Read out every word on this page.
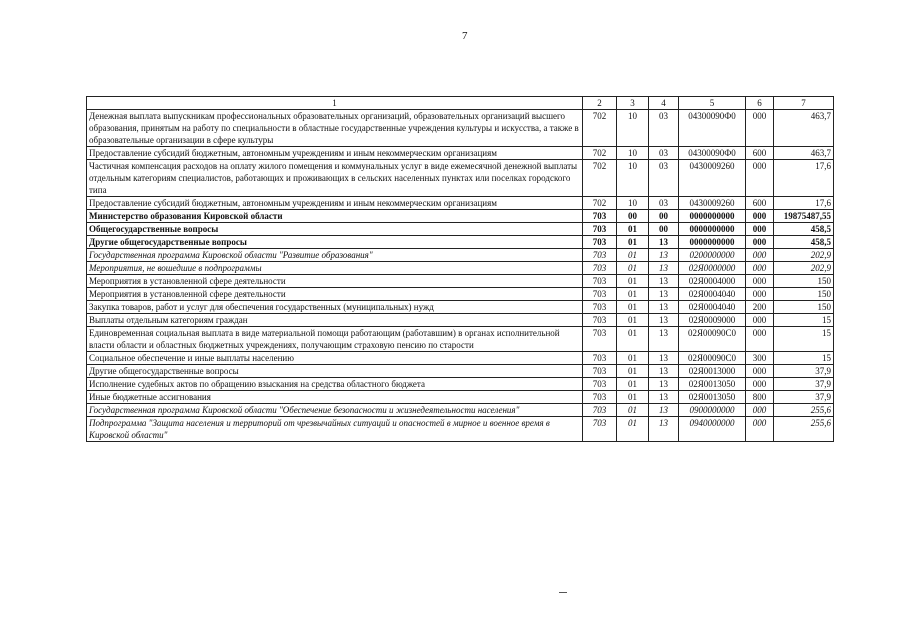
7
1	2	3	4	5	6	7
Денежная выплата выпускникам профессиональных образовательных организаций, образовательных организаций высшего образования, принятым на работу по специальности в областные государственные учреждения культуры и искусства, а также в образовательные организации в сфере культуры	702	10	03	04300090Ф0	000	463,7
Предоставление субсидий бюджетным, автономным учреждениям и иным некоммерческим организациям	702	10	03	04300090Ф0	600	463,7
Частичная компенсация расходов на оплату жилого помещения и коммунальных услуг в виде ежемесячной денежной выплаты отдельным категориям специалистов, работающих и проживающих в сельских населенных пунктах или поселках городского типа	702	10	03	0430009260	000	17,6
Предоставление субсидий бюджетным, автономным учреждениям и иным некоммерческим организациям	702	10	03	0430009260	600	17,6
Министерство образования Кировской области	703	00	00	0000000000	000	19875487,55
Общегосударственные вопросы	703	01	00	0000000000	000	458,5
Другие общегосударственные вопросы	703	01	13	0000000000	000	458,5
Государственная программа Кировской области "Развитие образования"	703	01	13	0200000000	000	202,9
Мероприятия, не вошедшие в подпрограммы	703	01	13	02Я0000000	000	202,9
Мероприятия в установленной сфере деятельности	703	01	13	02Я0004000	000	150
Мероприятия в установленной сфере деятельности	703	01	13	02Я0004040	000	150
Закупка товаров, работ и услуг для обеспечения государственных (муниципальных) нужд	703	01	13	02Я0004040	200	150
Выплаты отдельным категориям граждан	703	01	13	02Я0009000	000	15
Единовременная социальная выплата в виде материальной помощи работающим (работавшим) в органах исполнительной власти области и областных бюджетных учреждениях, получающим страховую пенсию по старости	703	01	13	02Я00090С0	000	15
Социальное обеспечение и иные выплаты населению	703	01	13	02Я00090С0	300	15
Другие общегосударственные вопросы	703	01	13	02Я0013000	000	37,9
Исполнение судебных актов по обращению взыскания на средства областного бюджета	703	01	13	02Я0013050	000	37,9
Иные бюджетные ассигнования	703	01	13	02Я0013050	800	37,9
Государственная программа Кировской области "Обеспечение безопасности и жизнедеятельности населения"	703	01	13	0900000000	000	255,6
Подпрограмма "Защита населения и территорий от чрезвычайных ситуаций и опасностей в мирное и военное время в Кировской области"	703	01	13	0940000000	000	255,6
